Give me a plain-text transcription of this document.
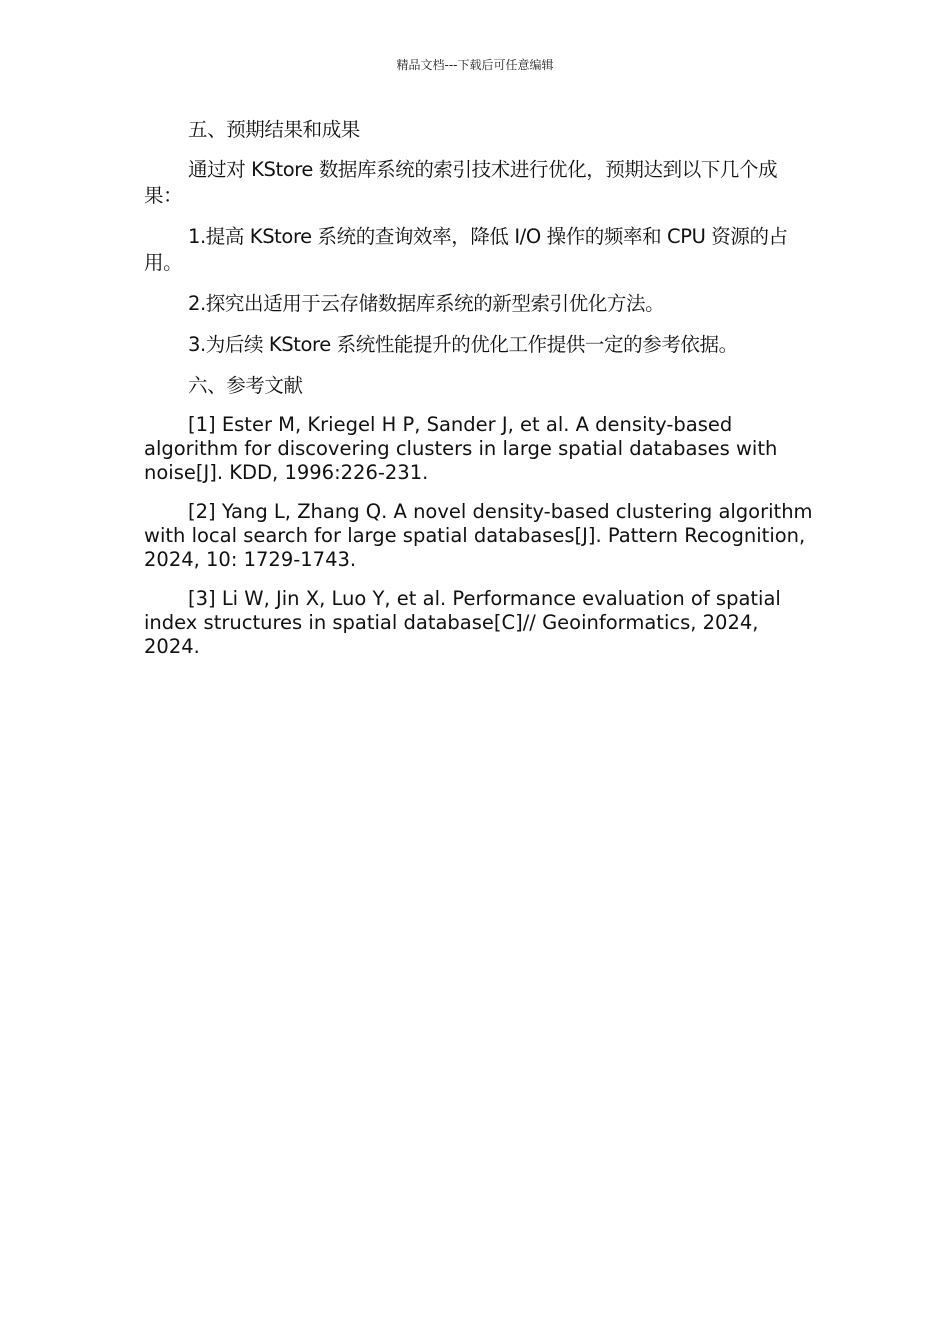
精品文档---下载后可任意编辑

五、预期结果和成果

通过对 KStore 数据库系统的索引技术进行优化，预期达到以下几个成果：

1.提高 KStore 系统的查询效率，降低 I/O 操作的频率和 CPU 资源的占用。

2.探究出适用于云存储数据库系统的新型索引优化方法。

3.为后续 KStore 系统性能提升的优化工作提供一定的参考依据。

六、参考文献

[1] Ester M, Kriegel H P, Sander J, et al. A density-based algorithm for discovering clusters in large spatial databases with noise[J]. KDD, 1996:226-231.

[2] Yang L, Zhang Q. A novel density-based clustering algorithm with local search for large spatial databases[J]. Pattern Recognition, 2024, 10: 1729-1743.

[3] Li W, Jin X, Luo Y, et al. Performance evaluation of spatial index structures in spatial database[C]// Geoinformatics, 2024, 2024.
